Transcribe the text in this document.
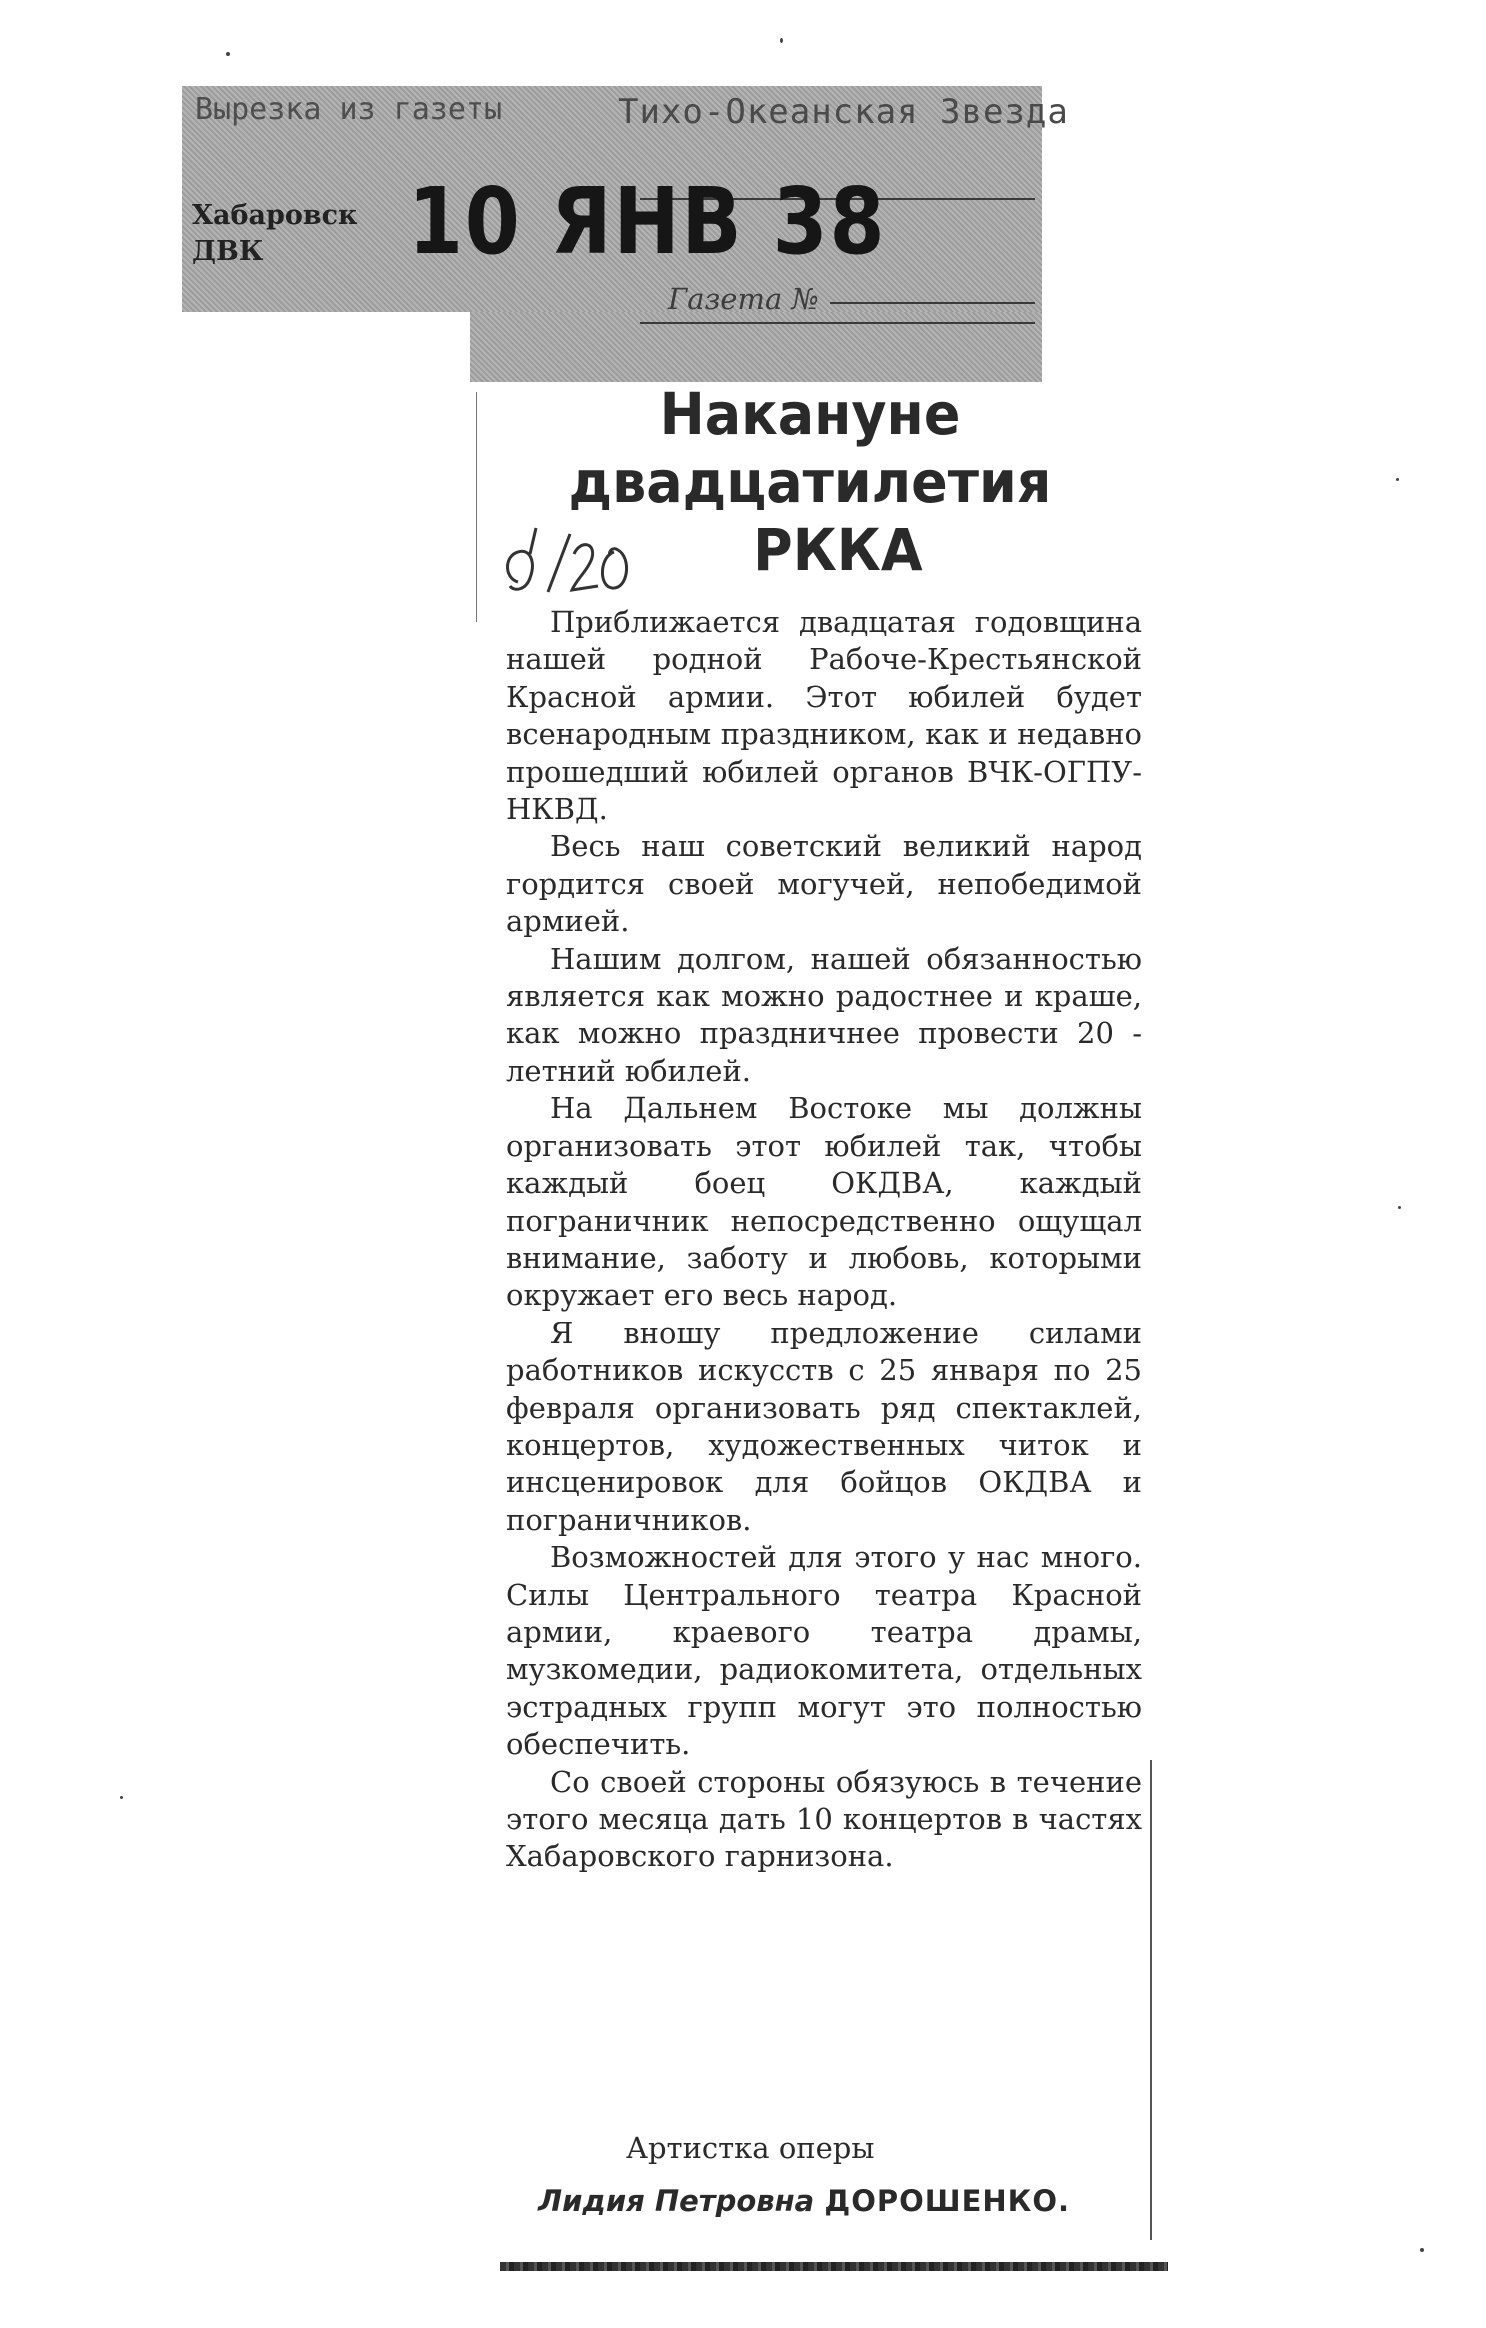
Вырезка из газеты	Тихо-Океанская Звезда
Хабаровск
ДВК 10 ЯНВ 38
Газета №
Накануне
двадцатилетия
РККА

Приближается двадцатая годовщина нашей родной Рабоче-Крестьянской Красной армии. Этот юбилей будет всенародным праздником, как и недавно прошедший юбилей органов ВЧК-ОГПУ-НКВД.

Весь наш советский великий народ гордится своей могучей, непобедимой армией.

Нашим долгом, нашей обязанностью является как можно радостнее и краше, как можно праздничнее провести 20 - летний юбилей.

На Дальнем Востоке мы должны организовать этот юбилей так, чтобы каждый боец ОКДВА, каждый пограничник непосредственно ощущал внимание, заботу и любовь, которыми окружает его весь народ.

Я вношу предложение силами работников искусств с 25 января по 25 февраля организовать ряд спектаклей, концертов, художественных читок и инсценировок для бойцов ОКДВА и пограничников.

Возможностей для этого у нас много. Силы Центрального театра Красной армии, краевого театра драмы, музкомедии, радиокомитета, отдельных эстрадных групп могут это полностью обеспечить.

Со своей стороны обязуюсь в течение этого месяца дать 10 концертов в частях Хабаровского гарнизона.

Артистка оперы
Лидия Петровна ДОРОШЕНКО.
